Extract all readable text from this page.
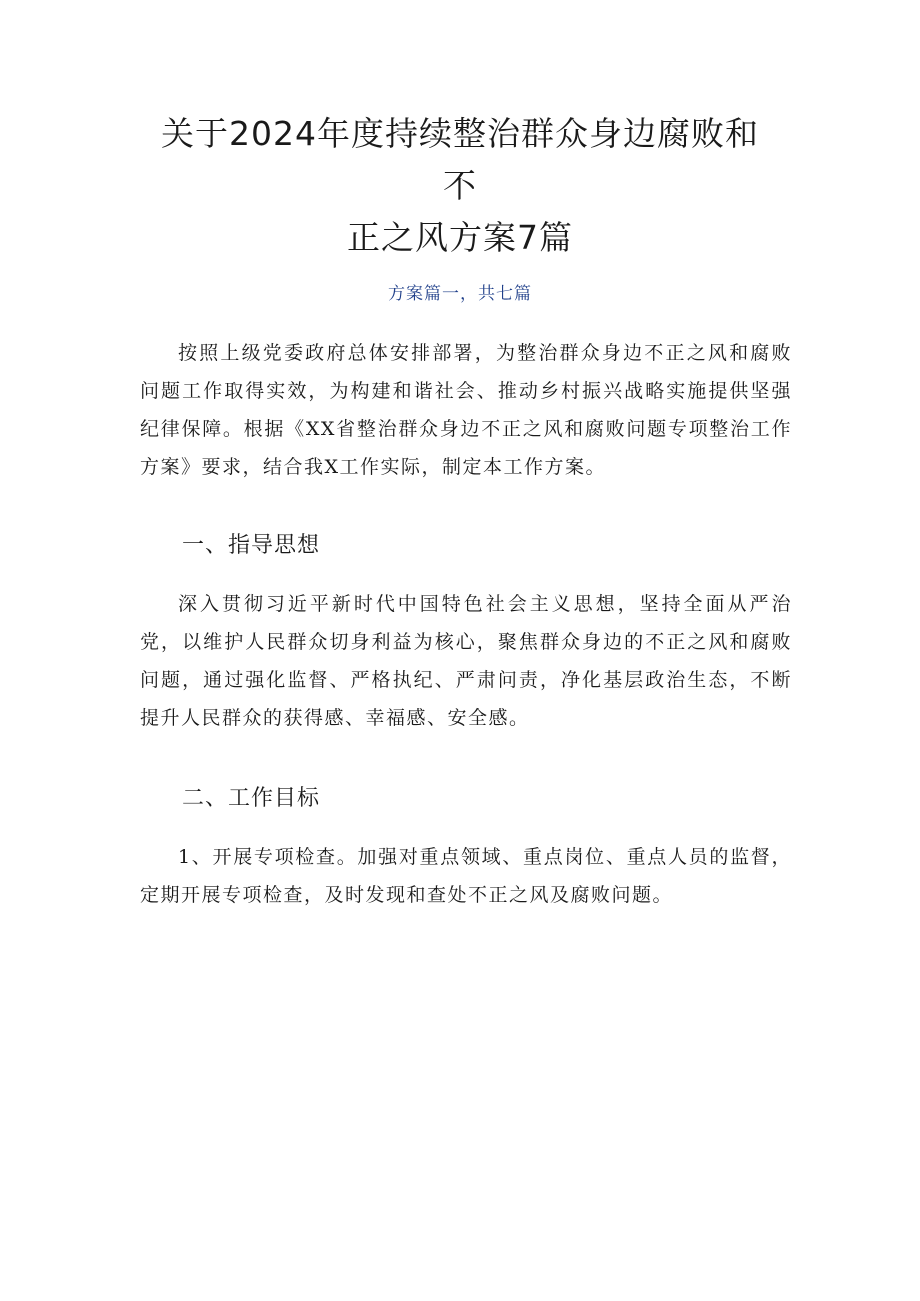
关于2024年度持续整治群众身边腐败和不
正之风方案7篇
方案篇一，共七篇

按照上级党委政府总体安排部署，为整治群众身边不正之风和腐败问题工作取得实效，为构建和谐社会、推动乡村振兴战略实施提供坚强纪律保障。根据《XX省整治群众身边不正之风和腐败问题专项整治工作方案》要求，结合我X工作实际，制定本工作方案。

一、指导思想

深入贯彻习近平新时代中国特色社会主义思想，坚持全面从严治党，以维护人民群众切身利益为核心，聚焦群众身边的不正之风和腐败问题，通过强化监督、严格执纪、严肃问责，净化基层政治生态，不断提升人民群众的获得感、幸福感、安全感。

二、工作目标

1、开展专项检查。加强对重点领域、重点岗位、重点人员的监督，定期开展专项检查，及时发现和查处不正之风及腐败问题。
